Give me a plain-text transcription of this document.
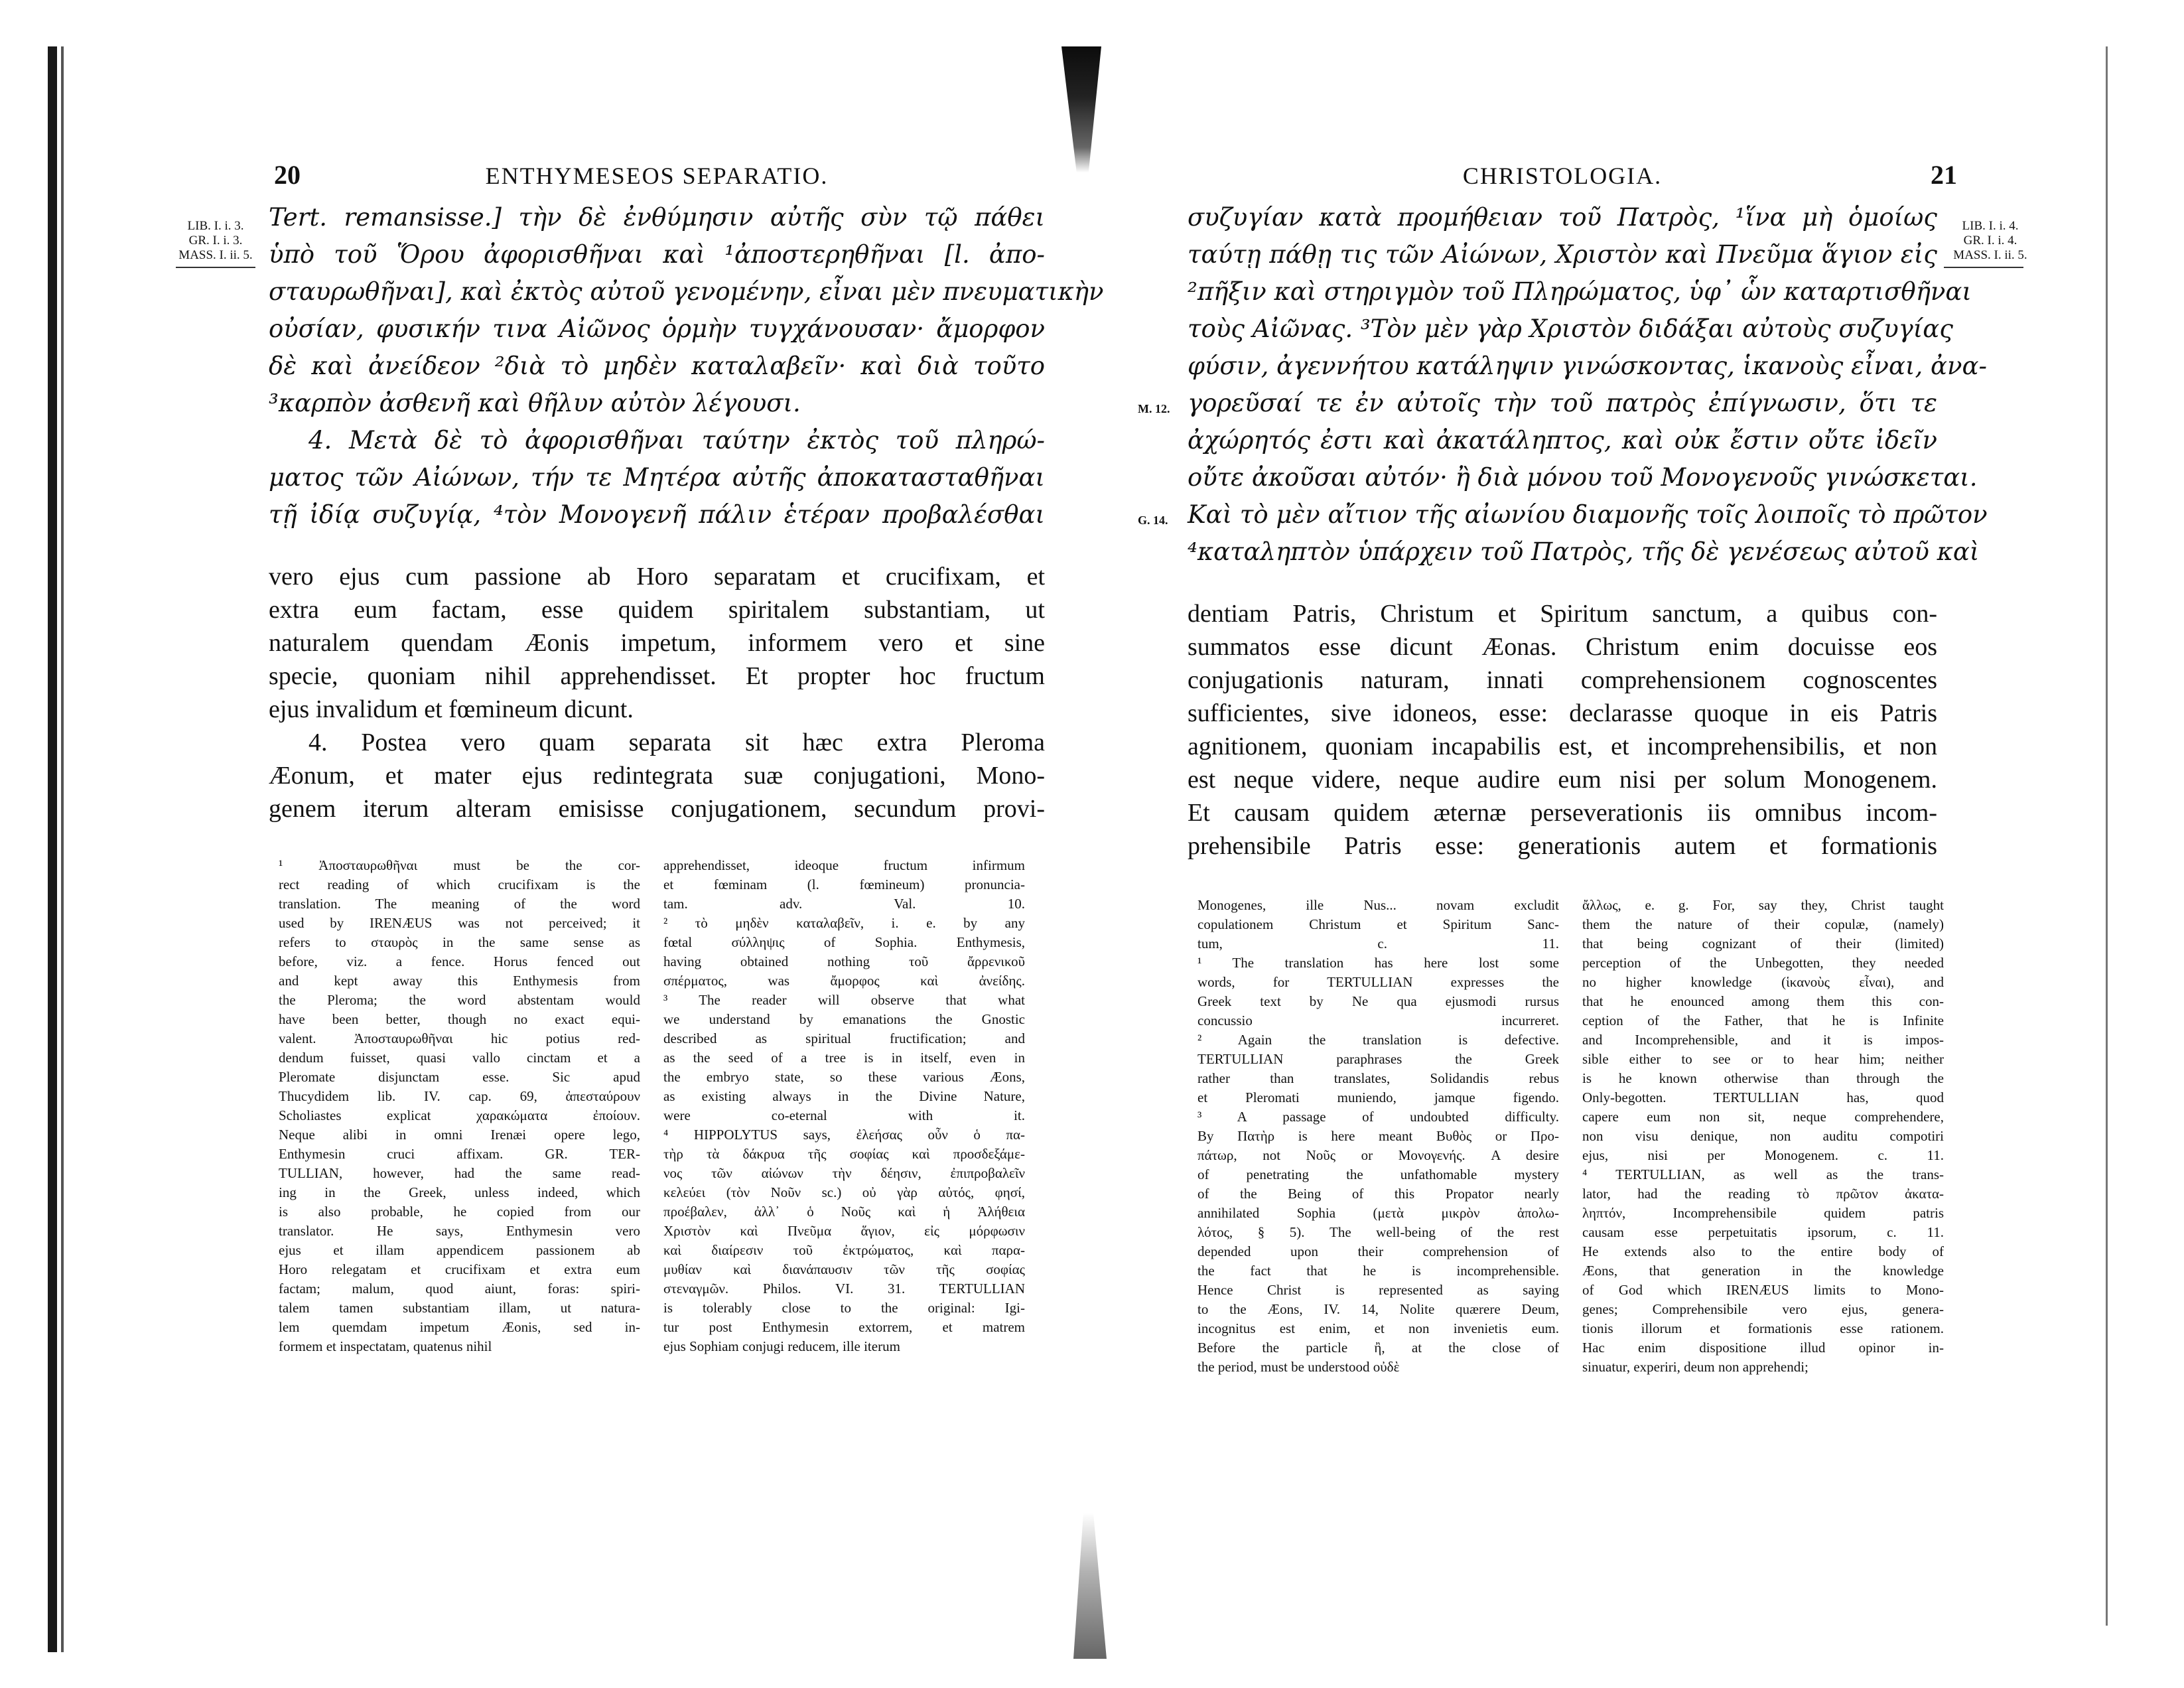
20	ENTHYMESEOS SEPARATIO.
LIB. I. i. 3.
GR. I. i. 3.
MASS. I. ii. 5.
Tert. remansisse.] τὴν δὲ ἐνθύμησιν αὐτῆς σὺν τῷ πάθει
ὑπὸ τοῦ Ὅρου ἀφορισθῆναι καὶ ¹ἀποστερηθῆναι [l. ἀπο-
σταυρωθῆναι], καὶ ἐκτὸς αὐτοῦ γενομένην, εἶναι μὲν πνευματικὴν
οὐσίαν, φυσικήν τινα Αἰῶνος ὁρμὴν τυγχάνουσαν· ἄμορφον
δὲ καὶ ἀνείδεον ²διὰ τὸ μηδὲν καταλαβεῖν· καὶ διὰ τοῦτο
³καρπὸν ἀσθενῆ καὶ θῆλυν αὐτὸν λέγουσι.
4. Μετὰ δὲ τὸ ἀφορισθῆναι ταύτην ἐκτὸς τοῦ πληρώ-
ματος τῶν Αἰώνων, τήν τε Μητέρα αὐτῆς ἀποκατασταθῆναι
τῇ ἰδίᾳ συζυγίᾳ, ⁴τὸν Μονογενῆ πάλιν ἑτέραν προβαλέσθαι
vero ejus cum passione ab Horo separatam et crucifixam, et
extra eum factam, esse quidem spiritalem substantiam, ut
naturalem quendam Æonis impetum, informem vero et sine
specie, quoniam nihil apprehendisset. Et propter hoc fructum
ejus invalidum et fœmineum dicunt.
4. Postea vero quam separata sit hæc extra Pleroma
Æonum, et mater ejus redintegrata suæ conjugationi, Mono-
genem iterum alteram emisisse conjugationem, secundum provi-
¹ Ἀποσταυρωθῆναι must be the cor-
rect reading of which crucifixam is the
translation. The meaning of the word
used by IRENÆUS was not perceived; it
refers to σταυρὸς in the same sense as
before, viz. a fence. Horus fenced out
and kept away this Enthymesis from
the Pleroma; the word abstentam would
have been better, though no exact equi-
valent. Ἀποσταυρωθῆναι hic potius red-
dendum fuisset, quasi vallo cinctam et a
Pleromate disjunctam esse. Sic apud
Thucydidem lib. IV. cap. 69, ἀπεσταύρουν
Scholiastes explicat χαρακώματα ἐποίουν.
Neque alibi in omni Irenæi opere lego,
Enthymesin cruci affixam. GR. TER-
TULLIAN, however, had the same read-
ing in the Greek, unless indeed, which
is also probable, he copied from our
translator. He says, Enthymesin vero
ejus et illam appendicem passionem ab
Horo relegatam et crucifixam et extra eum
factam; malum, quod aiunt, foras: spiri-
talem tamen substantiam illam, ut natura-
lem quemdam impetum Æonis, sed in-
formem et inspectatam, quatenus nihil
apprehendisset, ideoque fructum infirmum
et fœminam (l. fœmineum) pronuncia-
tam. adv. Val. 10.
² τὸ μηδὲν καταλαβεῖν, i. e. by any
fœtal σύλληψις of Sophia. Enthymesis,
having obtained nothing τοῦ ἄρρενικοῦ
σπέρματος, was ἄμορφος καὶ ἀνείδης.
³ The reader will observe that what
we understand by emanations the Gnostic
described as spiritual fructification; and
as the seed of a tree is in itself, even in
the embryo state, so these various Æons,
as existing always in the Divine Nature,
were co-eternal with it.
⁴ HIPPOLYTUS says, ἐλεήσας οὖν ὁ πα-
τὴρ τὰ δάκρυα τῆς σοφίας καὶ προσδεξάμε-
νος τῶν αἰώνων τὴν δέησιν, ἐπιπροβαλεῖν
κελεύει (τὸν Νοῦν sc.) οὐ γὰρ αὐτός, φησί,
προέβαλεν, ἀλλ᾽ ὁ Νοῦς καὶ ἡ Ἀλήθεια
Χριστὸν καὶ Πνεῦμα ἅγιον, εἰς μόρφωσιν
καὶ διαίρεσιν τοῦ ἐκτρώματος, καὶ παρα-
μυθίαν καὶ διανάπαυσιν τῶν τῆς σοφίας
στεναγμῶν. Philos. VI. 31. TERTULLIAN
is tolerably close to the original: Igi-
tur post Enthymesin extorrem, et matrem
ejus Sophiam conjugi reducem, ille iterum
CHRISTOLOGIA.	21
LIB. I. i. 4.
GR. I. i. 4.
MASS. I. ii. 5.
M. 12.
G. 14.
συζυγίαν κατὰ προμήθειαν τοῦ Πατρὸς, ¹ἵνα μὴ ὁμοίως
ταύτῃ πάθῃ τις τῶν Αἰώνων, Χριστὸν καὶ Πνεῦμα ἅγιον εἰς
²πῆξιν καὶ στηριγμὸν τοῦ Πληρώματος, ὑφ᾽ ὧν καταρτισθῆναι
τοὺς Αἰῶνας. ³Τὸν μὲν γὰρ Χριστὸν διδάξαι αὐτοὺς συζυγίας
φύσιν, ἀγεννήτου κατάληψιν γινώσκοντας, ἱκανοὺς εἶναι, ἀνα-
γορεῦσαί τε ἐν αὐτοῖς τὴν τοῦ πατρὸς ἐπίγνωσιν, ὅτι τε
ἀχώρητός ἐστι καὶ ἀκατάληπτος, καὶ οὐκ ἔστιν οὔτε ἰδεῖν
οὔτε ἀκοῦσαι αὐτόν· ἢ διὰ μόνου τοῦ Μονογενοῦς γινώσκεται.
Καὶ τὸ μὲν αἴτιον τῆς αἰωνίου διαμονῆς τοῖς λοιποῖς τὸ πρῶτον
⁴καταληπτὸν ὑπάρχειν τοῦ Πατρὸς, τῆς δὲ γενέσεως αὐτοῦ καὶ
dentiam Patris, Christum et Spiritum sanctum, a quibus con-
summatos esse dicunt Æonas. Christum enim docuisse eos
conjugationis naturam, innati comprehensionem cognoscentes
sufficientes, sive idoneos, esse: declarasse quoque in eis Patris
agnitionem, quoniam incapabilis est, et incomprehensibilis, et non
est neque videre, neque audire eum nisi per solum Monogenem.
Et causam quidem æternæ perseverationis iis omnibus incom-
prehensibile Patris esse: generationis autem et formationis
Monogenes, ille Nus... novam excludit
copulationem Christum et Spiritum Sanc-
tum, c. 11.
¹ The translation has here lost some
words, for TERTULLIAN expresses the
Greek text by Ne qua ejusmodi rursus
concussio incurreret.
² Again the translation is defective.
TERTULLIAN paraphrases the Greek
rather than translates, Solidandis rebus
et Pleromati muniendo, jamque figendo.
³ A passage of undoubted difficulty.
By Πατὴρ is here meant Βυθὸς or Προ-
πάτωρ, not Νοῦς or Μονογενής. A desire
of penetrating the unfathomable mystery
of the Being of this Propator nearly
annihilated Sophia (μετὰ μικρὸν ἀπολω-
λότος, § 5). The well-being of the rest
depended upon their comprehension of
the fact that he is incomprehensible.
Hence Christ is represented as saying
to the Æons, IV. 14, Nolite quærere Deum,
incognitus est enim, et non invenietis eum.
Before the particle ἢ, at the close of
the period, must be understood οὐδὲ
ἄλλως, e. g. For, say they, Christ taught
them the nature of their copulæ, (namely)
that being cognizant of their (limited)
perception of the Unbegotten, they needed
no higher knowledge (ἱκανοὺς εἶναι), and
that he enounced among them this con-
ception of the Father, that he is Infinite
and Incomprehensible, and it is impos-
sible either to see or to hear him; neither
is he known otherwise than through the
Only-begotten. TERTULLIAN has, quod
capere eum non sit, neque comprehendere,
non visu denique, non auditu compotiri
ejus, nisi per Monogenem. c. 11.
⁴ TERTULLIAN, as well as the trans-
lator, had the reading τὸ πρῶτον ἀκατα-
ληπτόν, Incomprehensibile quidem patris
causam esse perpetuitatis ipsorum, c. 11.
He extends also to the entire body of
Æons, that generation in the knowledge
of God which IRENÆUS limits to Mono-
genes; Comprehensibile vero ejus, genera-
tionis illorum et formationis esse rationem.
Hac enim dispositione illud opinor in-
sinuatur, experiri, deum non apprehendi;
